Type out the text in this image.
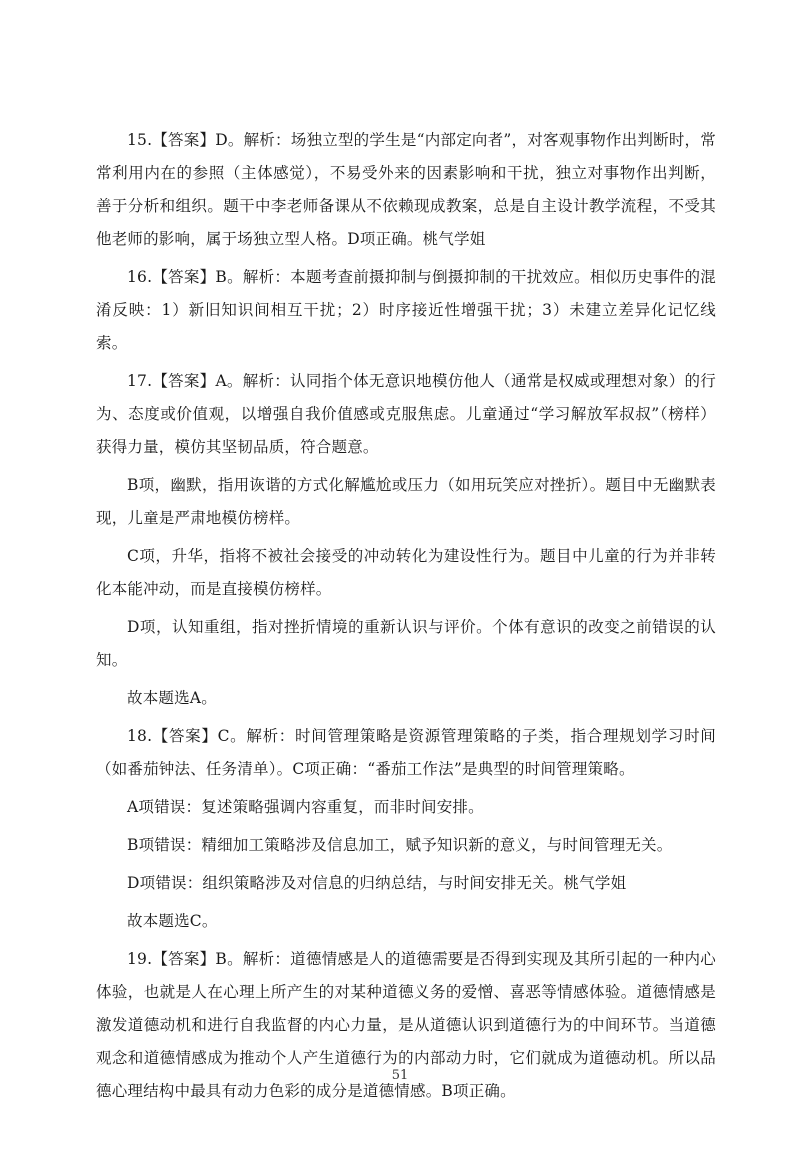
15.【答案】D。解析：场独立型的学生是“内部定向者”，对客观事物作出判断时，常常利用内在的参照（主体感觉），不易受外来的因素影响和干扰，独立对事物作出判断，善于分析和组织。题干中李老师备课从不依赖现成教案，总是自主设计教学流程，不受其他老师的影响，属于场独立型人格。D项正确。桃气学姐

16.【答案】B。解析：本题考查前摄抑制与倒摄抑制的干扰效应。相似历史事件的混淆反映：1）新旧知识间相互干扰；2）时序接近性增强干扰；3）未建立差异化记忆线索。

17.【答案】A。解析：认同指个体无意识地模仿他人（通常是权威或理想对象）的行为、态度或价值观，以增强自我价值感或克服焦虑。儿童通过“学习解放军叔叔”（榜样）获得力量，模仿其坚韧品质，符合题意。

B项，幽默，指用诙谐的方式化解尴尬或压力（如用玩笑应对挫折）。题目中无幽默表现，儿童是严肃地模仿榜样。

C项，升华，指将不被社会接受的冲动转化为建设性行为。题目中儿童的行为并非转化本能冲动，而是直接模仿榜样。

D项，认知重组，指对挫折情境的重新认识与评价。个体有意识的改变之前错误的认知。

故本题选A。

18.【答案】C。解析：时间管理策略是资源管理策略的子类，指合理规划学习时间（如番茄钟法、任务清单）。C项正确：“番茄工作法”是典型的时间管理策略。

A项错误：复述策略强调内容重复，而非时间安排。

B项错误：精细加工策略涉及信息加工，赋予知识新的意义，与时间管理无关。

D项错误：组织策略涉及对信息的归纳总结，与时间安排无关。桃气学姐

故本题选C。

19.【答案】B。解析：道德情感是人的道德需要是否得到实现及其所引起的一种内心体验，也就是人在心理上所产生的对某种道德义务的爱憎、喜恶等情感体验。道德情感是激发道德动机和进行自我监督的内心力量，是从道德认识到道德行为的中间环节。当道德观念和道德情感成为推动个人产生道德行为的内部动力时，它们就成为道德动机。所以品德心理结构中最具有动力色彩的成分是道德情感。B项正确。

51
